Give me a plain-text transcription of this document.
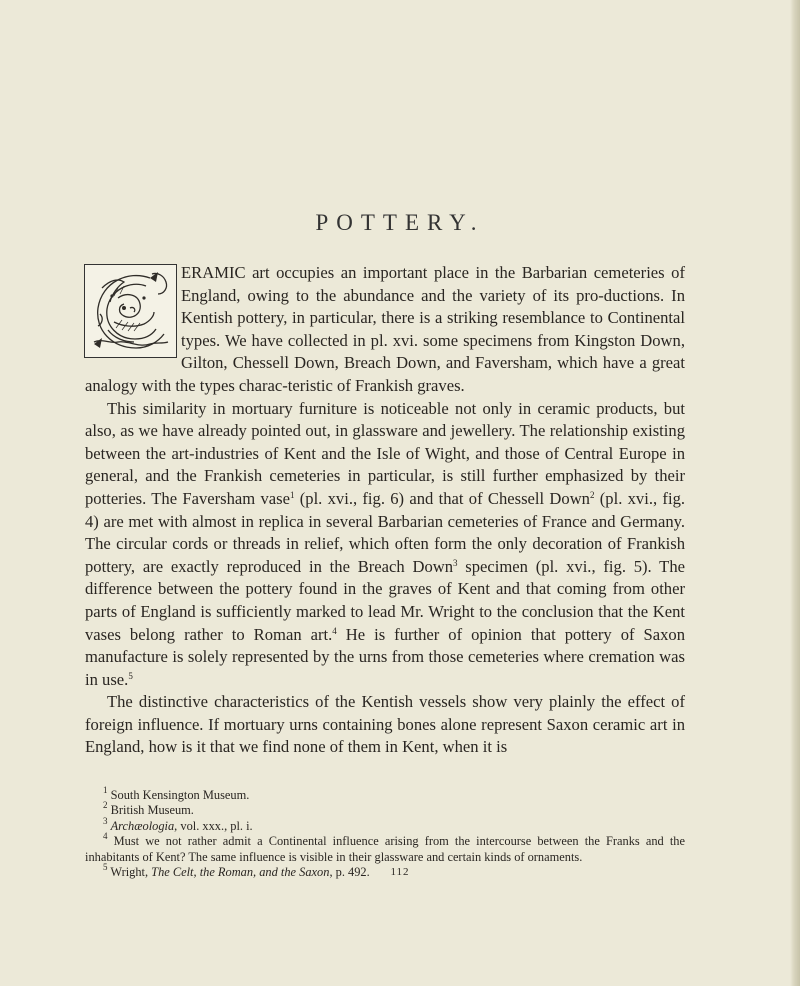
POTTERY.

ERAMIC art occupies an important place in the Barbarian cemeteries of England, owing to the abundance and the variety of its pro-ductions. In Kentish pottery, in particular, there is a striking resemblance to Continental types. We have collected in pl. xvi. some specimens from Kingston Down, Gilton, Chessell Down, Breach Down, and Faversham, which have a great analogy with the types charac-teristic of Frankish graves.

This similarity in mortuary furniture is noticeable not only in ceramic products, but also, as we have already pointed out, in glassware and jewellery. The relationship existing between the art-industries of Kent and the Isle of Wight, and those of Central Europe in general, and the Frankish cemeteries in particular, is still further emphasized by their potteries. The Faversham vase$^1$ (pl. xvi., fig. 6) and that of Chessell Down$^2$ (pl. xvi., fig. 4) are met with almost in replica in several Barbarian cemeteries of France and Germany. The circular cords or threads in relief, which often form the only decoration of Frankish pottery, are exactly reproduced in the Breach Down$^3$ specimen (pl. xvi., fig. 5). The difference between the pottery found in the graves of Kent and that coming from other parts of England is sufficiently marked to lead Mr. Wright to the conclusion that the Kent vases belong rather to Roman art.$^4$ He is further of opinion that pottery of Saxon manufacture is solely represented by the urns from those cemeteries where cremation was in use.$^5$

The distinctive characteristics of the Kentish vessels show very plainly the effect of foreign influence. If mortuary urns containing bones alone represent Saxon ceramic art in England, how is it that we find none of them in Kent, when it is

$^1$ South Kensington Museum.

$^2$ British Museum.

$^3$ Archæologia, vol. xxx., pl. i.

$^4$ Must we not rather admit a Continental influence arising from the intercourse between the Franks and the inhabitants of Kent? The same influence is visible in their glassware and certain kinds of ornaments.

$^5$ Wright, The Celt, the Roman, and the Saxon, p. 492.	112
